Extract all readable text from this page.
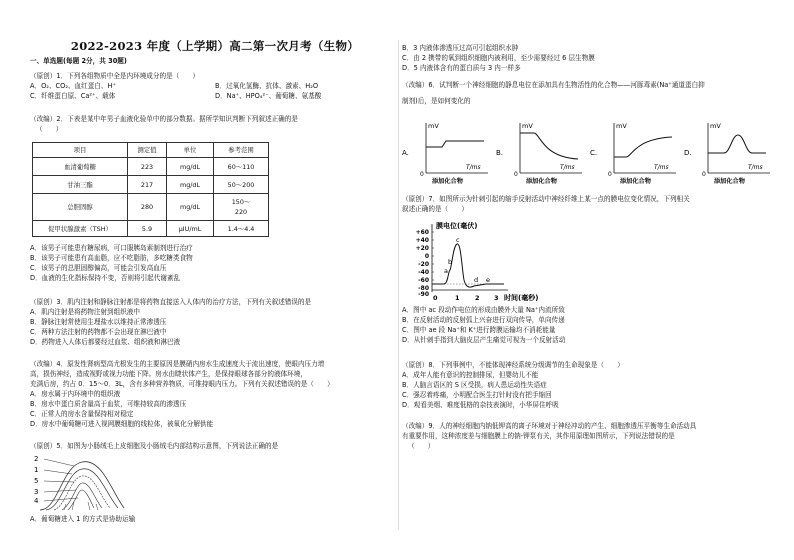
2022-2023 年度（上学期）高二第一次月考（生物）
一、单选题(每题 2分，共 30题)
（原创）1．下列各组物质中全是内环境成分的是（　　）
A．O₂、CO₂、血红蛋白、H⁺	B．过氧化氢酶、抗体、激素、H₂O
C．纤维蛋白原、Ca²⁺、载体	D．Na⁺、HPO₄²⁻、葡萄糖、氨基酸
（改编）2．下表是某中年男子血液化验单中的部分数据。据所学知识判断下列叙述正确的是
（　　）
项目	测定值	单位	参考范围
血清葡萄糖	223	mg/dL	60～110
甘油三酯	217	mg/dL	50～200
总胆固醇	280	mg/dL	150～
220

促甲状腺激素（TSH）	5.9	μIU/mL	1.4～4.4
A．该男子可能患有糖尿病，可口服胰岛素制剂进行治疗
B．该男子可能患有高血脂，应不吃脂肪，多吃糖类食物
C．该男子的总胆固醇偏高，可能会引发高血压
D．血液的生化指标保持不变，否则将引起代谢紊乱
（原创）3．肌内注射和静脉注射都是将药物直接送入人体内的治疗方法，下列有关叙述错误的是
A．肌内注射是将药物注射到组织液中
B．静脉注射常使用生理盐水以维持正常渗透压
C．两种方法注射的药物都不会出现在淋巴液中
D．药物进入人体后都要经过血浆、组织液和淋巴液
（改编）4．原发性肾病型高尤根发生的主要原因是膜硝内房水生成速度大于流出速度，使眼内压力增
高，损伤神经，造成视野或视力功能下降。房水由睫状体产生，是保持眼球各部分的液体环境，
充满后房，约占 0．15～0．3L，含有多种营养物质，可维持眼内压力。下列有关叙述错误的是（　　）
A．房水属于内环境中的组织液
B．房水中蛋白质含量高于血浆，可维持较高的渗透压
C．正常人的房水含量保持相对稳定
D．房水中葡萄糖可进入视网膜细胞的线粒体，被氧化分解供能
（原创）5．如图为小肠绒毛上皮细胞及小肠绒毛内部结构示意图，下列说法正确的是
2
1
5
3
4
A．葡萄糖进入 1 的方式是协助运输
B．3 内液体渗透压过高可引起组织水肿
C．由 2 携带的氧到组织细胞内被利用，至少需要经过 6 层生物膜
D．5 内液体含有的蛋白质与 3 内一样多
（改编）6．试判断一个神经细胞的静息电位在添加具有生物活性的化合物——河豚毒素(Na⁺通道蛋白抑
制剂)后，是如何变化的
A.
mV
0
T/ms
添加化合物
B.
mV
0
T/ms
添加化合物
C.
mV
0
T/ms
添加化合物
D.
mV
0
T/ms
添加化合物
（原创）7．如图所示为针刺引起的缩手反射活动中神经纤维上某一点的膜电位变化情况，下列相关
叙述正确的是（　　）
膜电位(毫伏)
+60
+40
+20
0
-20
-40
-60
-80
-90
a
b
c
d e
0	1 2 3 时间(毫秒)
A．图中 ac 段动作电位的形成由膜外大量 Na⁺内流所致
B．在反射活动的反射弧上兴奋进行双向传导，单向传递
C．图中 ae 段 Na⁺和 K⁺进行跨膜运输均不消耗能量
D．从针刺手指到大脑皮层产生痛觉可视为一个反射活动
（原创）8．下列事例中，不能体现神经系统分级调节的生命现象是（　　）
A．成年人能有意识的控制排尿，但婴幼儿不能
B．人脑言语区的 S 区受损，病人患运动性失语症
C．强忍着疼痛，小明配合医生打针时没有把手缩回
D．观看美烟、难度低格的杂技表演时，小华屏住呼吸
（改编）9．人的神经细胞内钠低钾高的离子环境对于神经冲动的产生、细胞渗透压平衡等生命活动具
有重要作用，这种浓度差与细胞膜上的钠-钾泵有关，其作用原理如图所示，下列说法错误的是
（　　）
